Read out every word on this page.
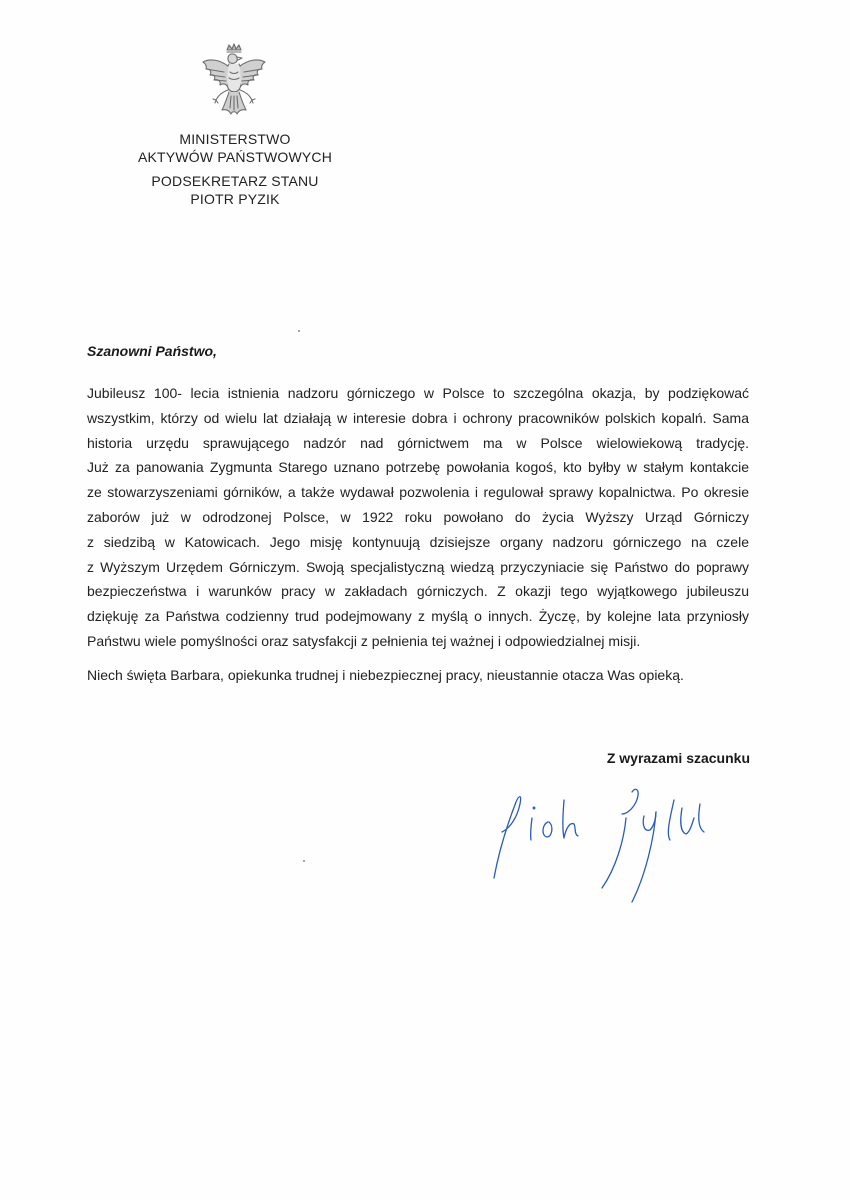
MINISTERSTWO
AKTYWÓW PAŃSTWOWYCH
PODSEKRETARZ STANU
PIOTR PYZIK
Szanowni Państwo,
Jubileusz 100- lecia istnienia nadzoru górniczego w Polsce to szczególna okazja, by podziękować
wszystkim, którzy od wielu lat działają w interesie dobra i ochrony pracowników polskich kopalń. Sama
historia urzędu sprawującego nadzór nad górnictwem ma w Polsce wielowiekową tradycję.
Już za panowania Zygmunta Starego uznano potrzebę powołania kogoś, kto byłby w stałym kontakcie
ze stowarzyszeniami górników, a także wydawał pozwolenia i regulował sprawy kopalnictwa. Po okresie
zaborów już w odrodzonej Polsce, w 1922 roku powołano do życia Wyższy Urząd Górniczy
z siedzibą w Katowicach. Jego misję kontynuują dzisiejsze organy nadzoru górniczego na czele
z Wyższym Urzędem Górniczym. Swoją specjalistyczną wiedzą przyczyniacie się Państwo do poprawy
bezpieczeństwa i warunków pracy w zakładach górniczych. Z okazji tego wyjątkowego jubileuszu
dziękuję za Państwa codzienny trud podejmowany z myślą o innych. Życzę, by kolejne lata przyniosły
Państwu wiele pomyślności oraz satysfakcji z pełnienia tej ważnej i odpowiedzialnej misji.
Niech święta Barbara, opiekunka trudnej i niebezpiecznej pracy, nieustannie otacza Was opieką.
Z wyrazami szacunku
